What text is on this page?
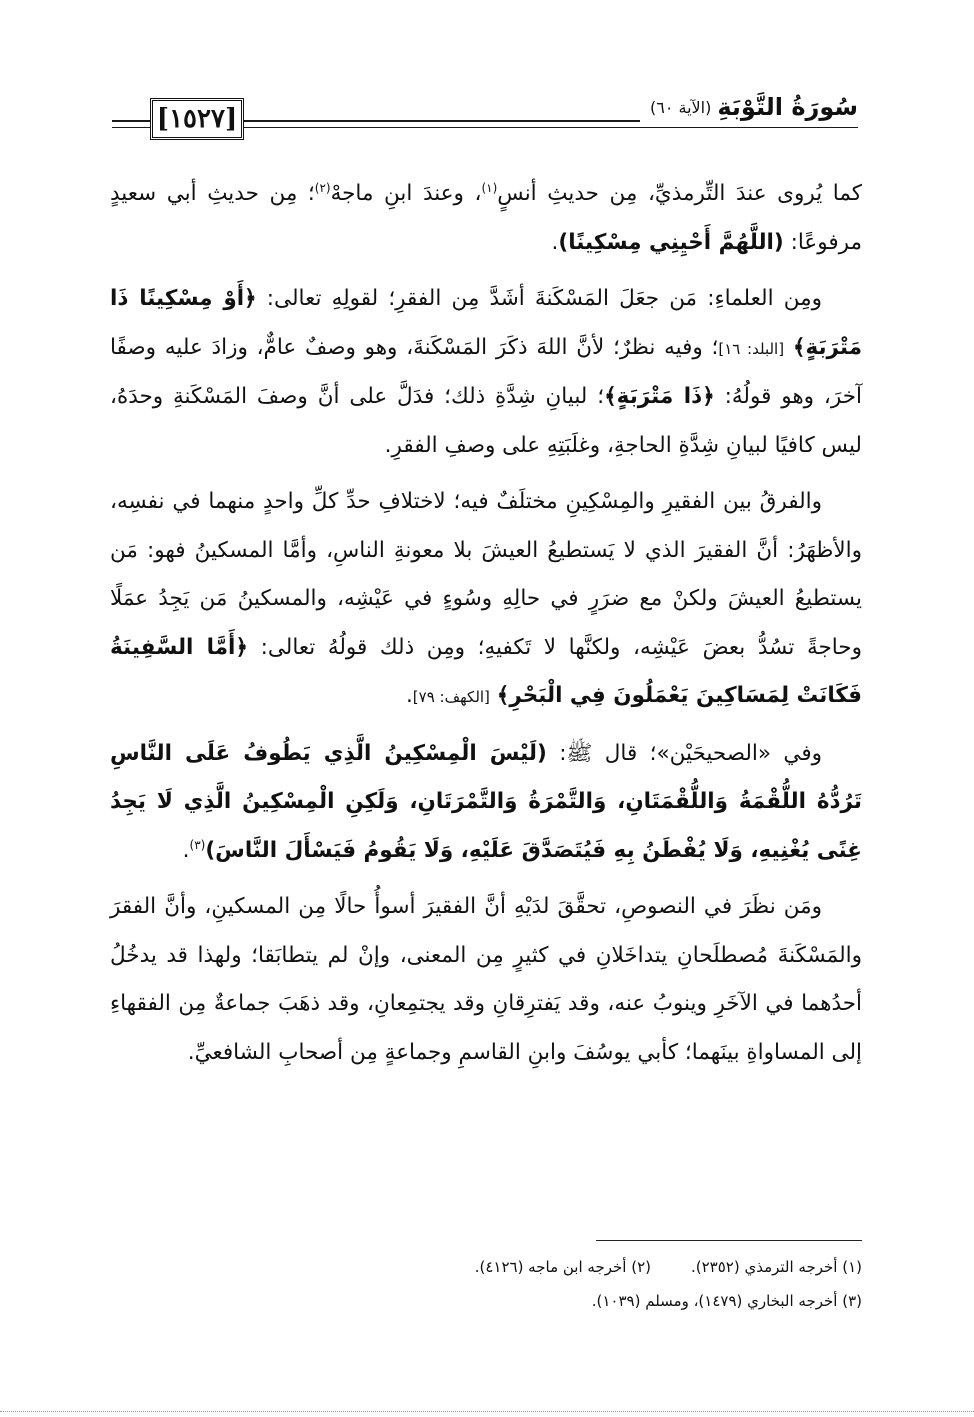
[١٥٢٧]	سُورَةُ التَّوْبَةِ
(الآية ٦٠)

كما يُروى عندَ التِّرمذيِّ، مِن حديثِ أنسٍ$^{(١)}$، وعندَ ابنِ ماجهْ$^{(٢)}$؛ مِن حديثِ أبي سعيدٍ مرفوعًا: (اللَّهُمَّ أَحْيِنِي مِسْكِينًا).

ومِن العلماءِ: مَن جعَلَ المَسْكَنةَ أشَدَّ مِن الفقرِ؛ لقولِهِ تعالى: ﴿أَوْ مِسْكِينًا ذَا مَتْرَبَةٍ﴾ [البلد: ١٦]؛ وفيه نظرٌ؛ لأنَّ اللهَ ذكَرَ المَسْكَنةَ، وهو وصفٌ عامٌّ، وزادَ عليه وصفًا آخرَ، وهو قولُهُ: ﴿ذَا مَتْرَبَةٍ﴾؛ لبيانِ شِدَّةِ ذلك؛ فدَلَّ على أنَّ وصفَ المَسْكَنةِ وحدَهُ، ليس كافيًا لبيانِ شِدَّةِ الحاجةِ، وغلَبَتِهِ على وصفِ الفقرِ.

والفرقُ بين الفقيرِ والمِسْكِينِ مختلَفٌ فيه؛ لاختلافِ حدِّ كلِّ واحدٍ منهما في نفسِه، والأظهَرُ: أنَّ الفقيرَ الذي لا يَستطيعُ العيشَ بلا معونةِ الناسِ، وأمَّا المسكينُ فهو: مَن يستطيعُ العيشَ ولكنْ مع ضرَرٍ في حالِهِ وسُوءٍ في عَيْشِه، والمسكينُ مَن يَجِدُ عمَلًا وحاجةً تسُدُّ بعضَ عَيْشِه، ولكنَّها لا تَكفيهِ؛ ومِن ذلك قولُهُ تعالى: ﴿أَمَّا السَّفِينَةُ فَكَانَتْ لِمَسَاكِينَ يَعْمَلُونَ فِي الْبَحْرِ﴾ [الكهف: ٧٩].

وفي «الصحيحَيْن»؛ قال ﷺ: (لَيْسَ الْمِسْكِينُ الَّذِي يَطُوفُ عَلَى النَّاسِ تَرُدُّهُ اللُّقْمَةُ وَاللُّقْمَتَانِ، وَالتَّمْرَةُ وَالتَّمْرَتَانِ، وَلَكِنِ الْمِسْكِينُ الَّذِي لَا يَجِدُ غِنًى يُغْنِيهِ، وَلَا يُفْطَنُ بِهِ فَيُتَصَدَّقَ عَلَيْهِ، وَلَا يَقُومُ فَيَسْأَلَ النَّاسَ)$^{(٣)}$.

ومَن نظَرَ في النصوصِ، تحقَّقَ لدَيْهِ أنَّ الفقيرَ أسوأُ حالًا مِن المسكينِ، وأنَّ الفقرَ والمَسْكَنةَ مُصطلَحانِ يتداخَلانِ في كثيرٍ مِن المعنى، وإنْ لم يتطابَقا؛ ولهذا قد يدخُلُ أحدُهما في الآخَرِ وينوبُ عنه، وقد يَفترِقانِ وقد يجتمِعانِ، وقد ذهَبَ جماعةٌ مِن الفقهاءِ إلى المساواةِ بينَهما؛ كأبي يوسُفَ وابنِ القاسمِ وجماعةٍ مِن أصحابِ الشافعيِّ.

(١) أخرجه الترمذي (٢٣٥٢).
(٢) أخرجه ابن ماجه (٤١٢٦).
(٣) أخرجه البخاري (١٤٧٩)، ومسلم (١٠٣٩).
